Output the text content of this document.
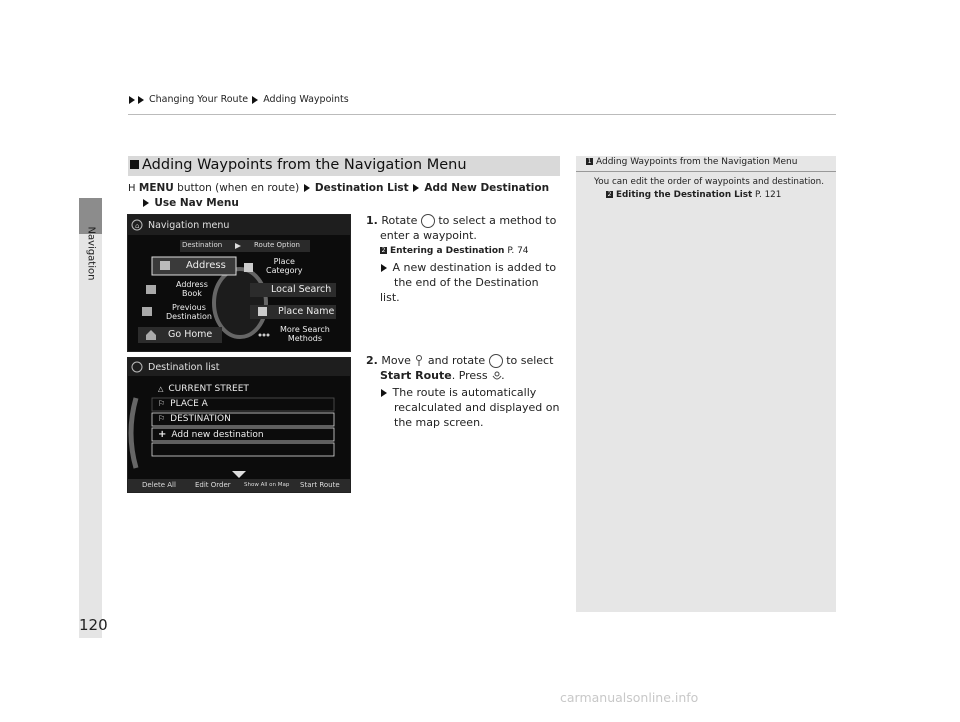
Changing Your Route Adding Waypoints
Navigation
120
Adding Waypoints from the Navigation Menu
H MENU button (when en route) Destination List Add New Destination
Use Nav Menu
⌂ Navigation menu
Destination	Route Option
Address	Place
Category
Address
Book	Local Search
Previous
Destination	Place Name
Go Home	More Search
Methods
Destination list
△ CURRENT STREET
⚐ PLACE A
⚐ DESTINATION
+ Add new destination
Delete All	Edit Order Show All on Map Start Route
1. Rotate to select a method to
enter a waypoint.
2 Entering a Destination P. 74
A new destination is added to
the end of the Destination list.
2. Move and rotate to select
Start Route. Press .
The route is automatically
recalculated and displayed on
the map screen.
1 Adding Waypoints from the Navigation Menu
You can edit the order of waypoints and destination.
2 Editing the Destination List P. 121
carmanualsonline.info
